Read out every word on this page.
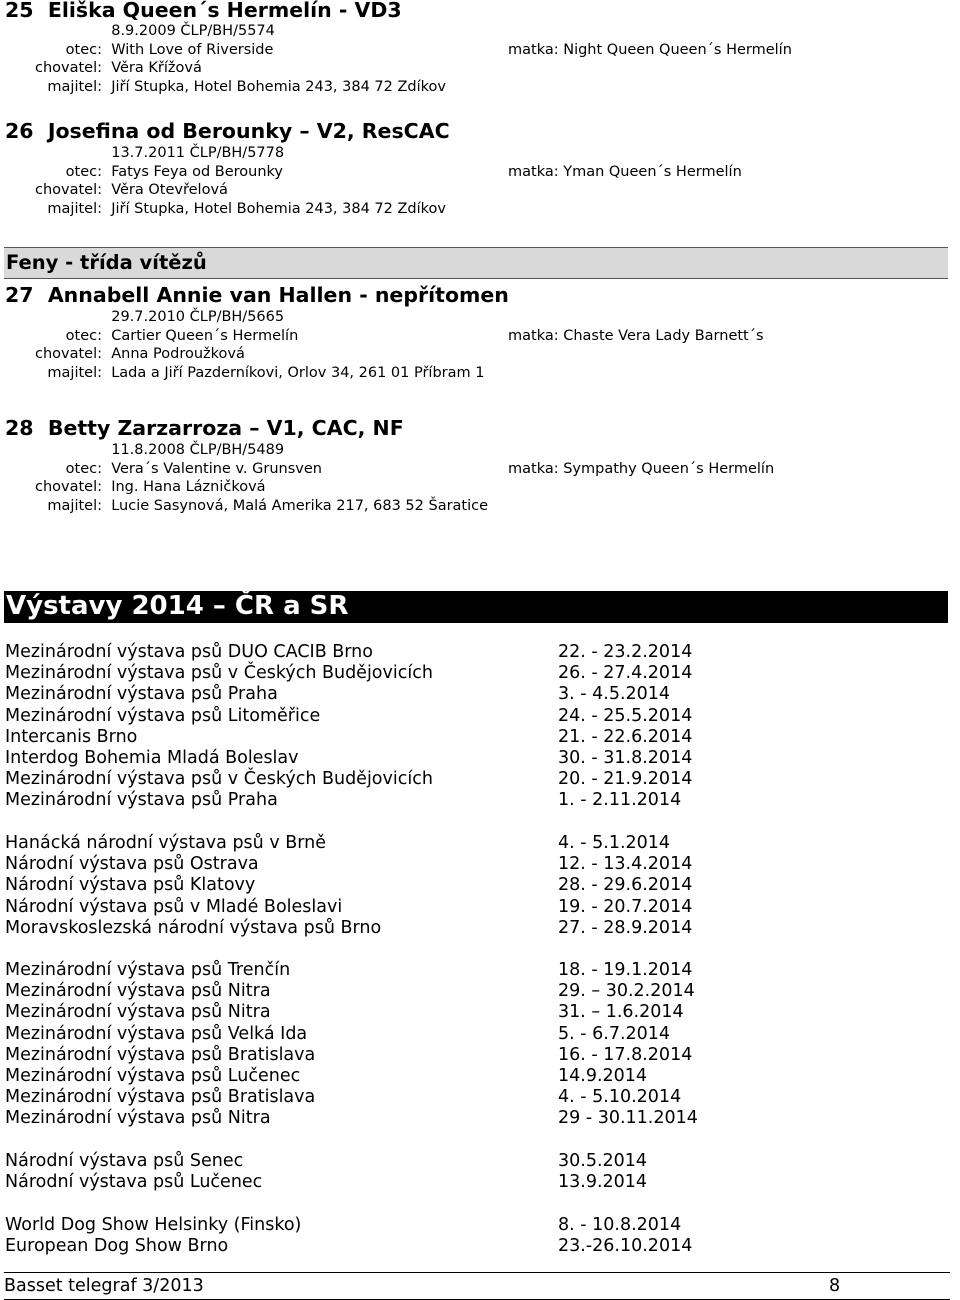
25 Eliška Queen´s Hermelín - VD3
8.9.2009 ČLP/BH/5574
otec: With Love of Riverside
chovatel: Věra Křížová
majitel: Jiří Stupka, Hotel Bohemia 243, 384 72 Zdíkov
matka: Night Queen Queen´s Hermelín
26 Josefina od Berounky – V2, ResCAC
13.7.2011 ČLP/BH/5778
otec: Fatys Feya od Berounky
chovatel: Věra Otevřelová
majitel: Jiří Stupka, Hotel Bohemia 243, 384 72 Zdíkov
matka: Yman Queen´s Hermelín
Feny - třída vítězů
27 Annabell Annie van Hallen - nepřítomen
29.7.2010 ČLP/BH/5665
otec: Cartier Queen´s Hermelín
chovatel: Anna Podroužková
majitel: Lada a Jiří Pazderníkovi, Orlov 34, 261 01 Příbram 1
matka: Chaste Vera Lady Barnett´s
28 Betty Zarzarroza – V1, CAC, NF
11.8.2008 ČLP/BH/5489
otec: Vera´s Valentine v. Grunsven
chovatel: Ing. Hana Lázničková
majitel: Lucie Sasynová, Malá Amerika 217, 683 52 Šaratice
matka: Sympathy Queen´s Hermelín
Výstavy 2014 – ČR a SR
Mezinárodní výstava psů DUO CACIB Brno	22. - 23.2.2014
Mezinárodní výstava psů v Českých Budějovicích	26. - 27.4.2014
Mezinárodní výstava psů Praha	3. - 4.5.2014
Mezinárodní výstava psů Litoměřice	24. - 25.5.2014
Intercanis Brno	21. - 22.6.2014
Interdog Bohemia Mladá Boleslav	30. - 31.8.2014
Mezinárodní výstava psů v Českých Budějovicích	20. - 21.9.2014
Mezinárodní výstava psů Praha	1. - 2.11.2014
Hanácká národní výstava psů v Brně	4. - 5.1.2014
Národní výstava psů Ostrava	12. - 13.4.2014
Národní výstava psů Klatovy	28. - 29.6.2014
Národní výstava psů v Mladé Boleslavi	19. - 20.7.2014
Moravskoslezská národní výstava psů Brno	27. - 28.9.2014
Mezinárodní výstava psů Trenčín	18. - 19.1.2014
Mezinárodní výstava psů Nitra	29. – 30.2.2014
Mezinárodní výstava psů Nitra	31. – 1.6.2014
Mezinárodní výstava psů Velká Ida	5. - 6.7.2014
Mezinárodní výstava psů Bratislava	16. - 17.8.2014
Mezinárodní výstava psů Lučenec	14.9.2014
Mezinárodní výstava psů Bratislava	4. - 5.10.2014
Mezinárodní výstava psů Nitra	29 - 30.11.2014
Národní výstava psů Senec	30.5.2014
Národní výstava psů Lučenec	13.9.2014
World Dog Show Helsinky (Finsko)	8. - 10.8.2014
European Dog Show Brno	23.-26.10.2014
Basset telegraf 3/2013	8
